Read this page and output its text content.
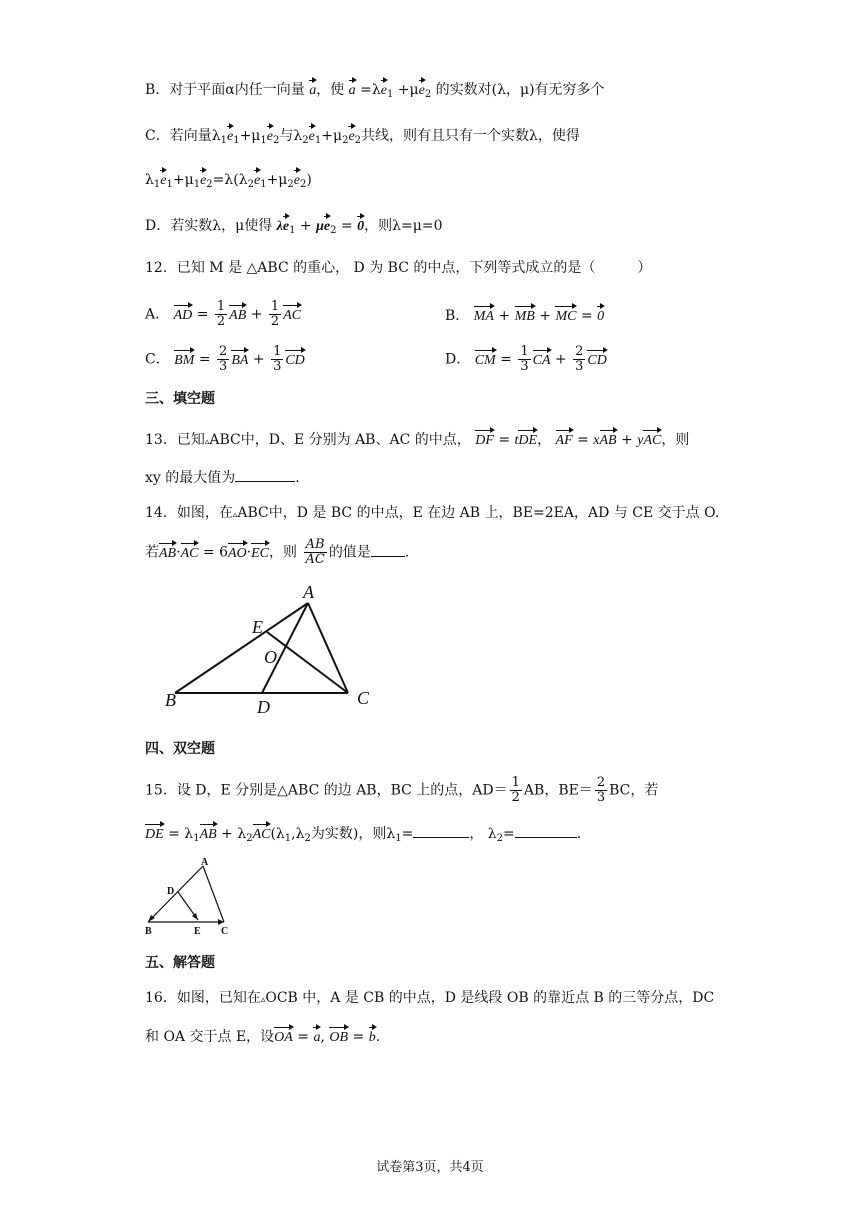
B．对于平面α内任一向量 a，使 $a =\lambda e_1 +\mu e_2$ 的实数对(λ，μ)有无穷多个
C．若向量$\lambda_1e_1+\mu_1e_2$与$\lambda_2e_1+\mu_2e_2$共线，则有且只有一个实数λ，使得
$\lambda_1e_1+\mu_1e_2=\lambda(\lambda_2e_1+\mu_2e_2)$
D．若实数λ，μ使得 $\lambda e_1 + \mu e_2 = 0$，则λ=μ=0
12．已知 M 是 △ABC 的重心， D 为 BC 的中点，下列等式成立的是（　　　）
A． AD = $\frac{1}{2}$ AB + $\frac{1}{2}$ AC	B． MA + MB + MC = 0
C． BM = $\frac{2}{3}$ BA + $\frac{1}{3}$ CD	D． CM = $\frac{1}{3}$ CA + $\frac{2}{3}$ CD
三、填空题
13．已知▵ABC中，D、E 分别为 AB、AC 的中点， DF = tDE， AF = xAB + yAC，则
xy 的最大值为	.
14．如图，在▵ABC中，D 是 BC 的中点，E 在边 AB 上，BE=2EA，AD 与 CE 交于点 O.
若AB·AC = 6AO·EC，则 $\frac{AB}{AC}$ 的值是 .
A
B	C
D
E
O
四、双空题
15．设 D，E 分别是△ABC 的边 AB，BC 上的点，$AD= \frac{1}{2}$ AB，$BE= \frac{2}{3}$ BC，若
DE = $\lambda_1AB + \lambda_2AC(\lambda_1,\lambda_2$为实数)，则$\lambda_1=$	， $\lambda_2=$	.
A
B	C
D
E
五、解答题
16．如图，已知在▵OCB 中，A 是 CB 的中点，D 是线段 OB 的靠近点 B 的三等分点，DC
和 OA 交于点 E，设OA = a, OB = b.
试卷第3页，共4页
